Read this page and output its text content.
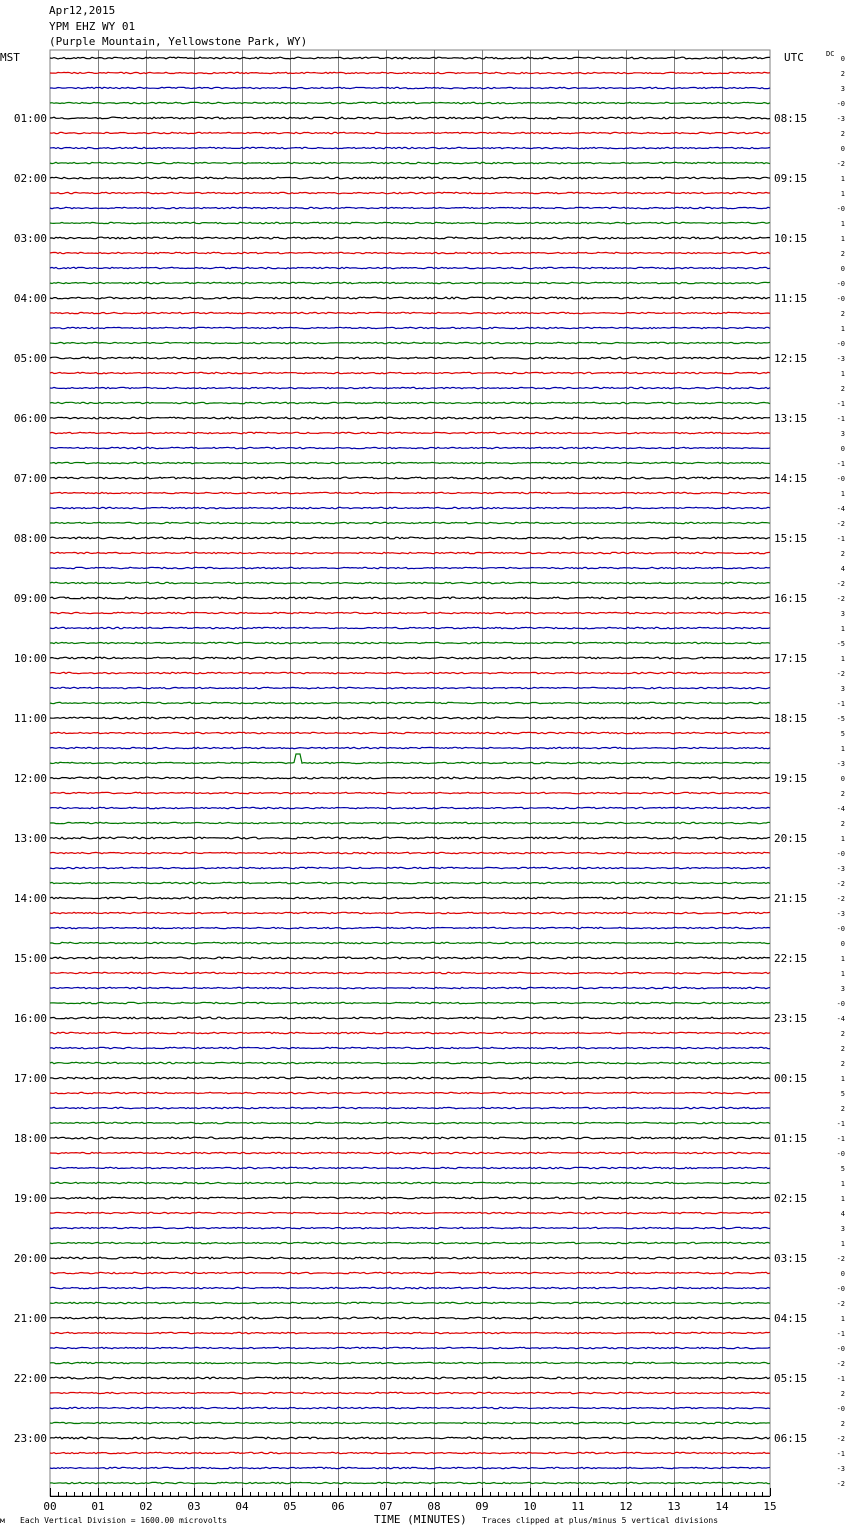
MST	UTC
01:00
02:00
03:00
04:00
05:00
06:00
07:00
08:00
09:00
10:00
11:00
12:00
13:00
14:00
15:00
16:00
17:00
18:00
19:00
20:00
21:00
22:00
23:00
08:15
09:15
10:15
11:15
12:15
13:15
14:15
15:15
16:15
17:15
18:15
19:15
20:15
21:15
22:15
23:15
00:15
01:15
02:15
03:15
04:15
05:15
06:15
DC
0
2
3
-0
-3
2
0
-2
1
1
-0
1
1
2
0
-0
-0
2
1
-0
-3
1
2
-1
-1
3
0
-1
-0
1
-4
-2
-1
2
4
-2
-2
3
1
-5
1
-2
3
-1
-5
5
1
-3
0
2
-4
2
1
-0
-3
-2
-2
-3
-0
0
1
1
3
-0
-4
2
2
2
1
5
2
-1
-1
-0
5
1
1
4
3
1
-2
0
-0
-2
1
-1
-0
-2
-1
2
-0
2
-2
-1
-3
-2
00	01	02	03	04	05	06	07	08	09	10	11	12	13	14	15
Apr12,2015
YPM EHZ WY 01
(Purple Mountain, Yellowstone Park, WY)
м Each Vertical Division = 1600.00 microvolts	TIME (MINUTES) Traces clipped at plus/minus 5 vertical divisions
